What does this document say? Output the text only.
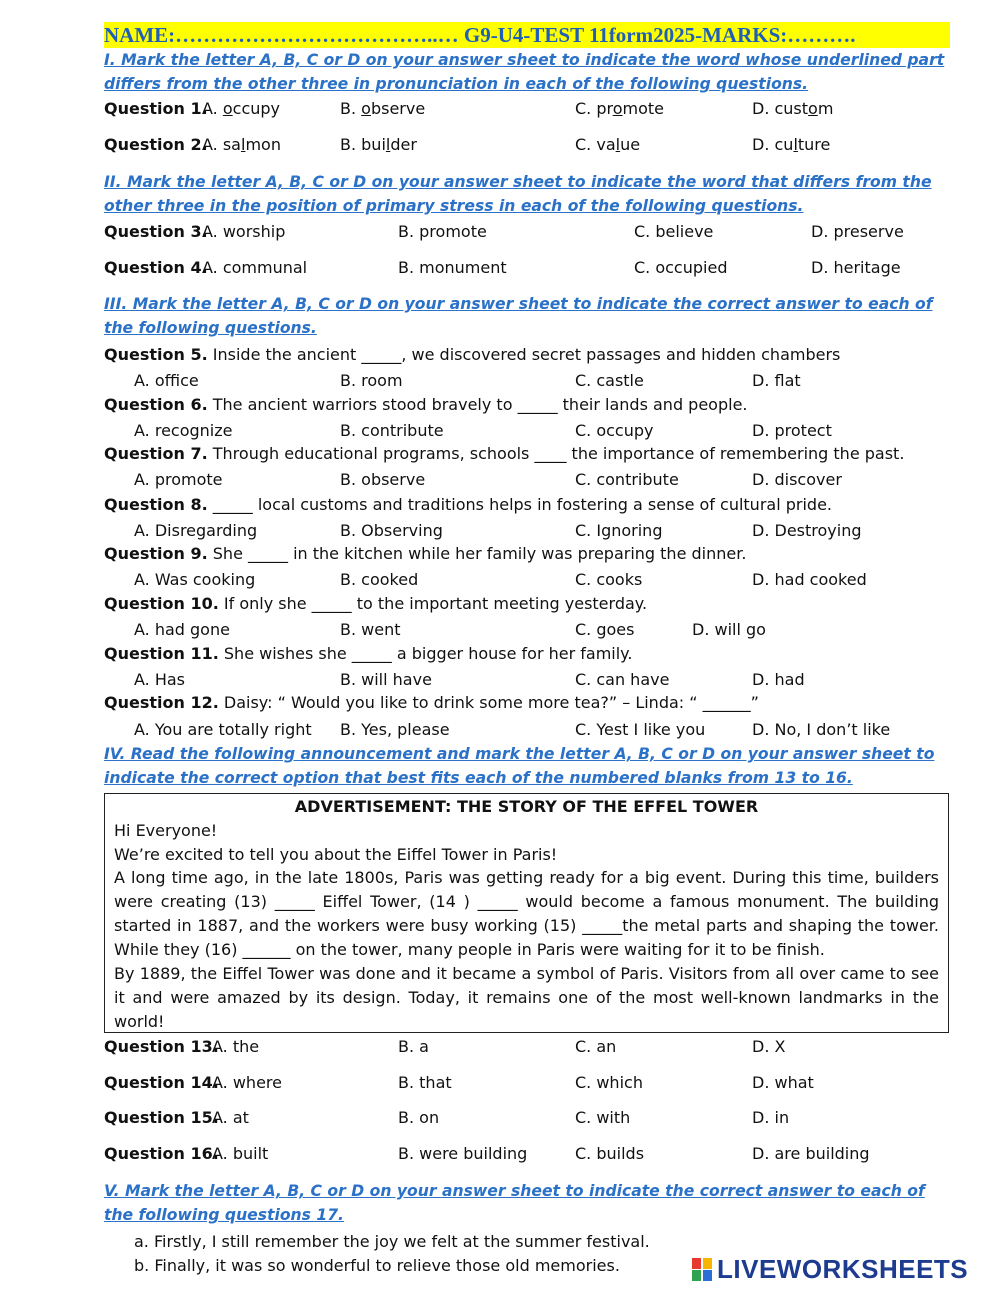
NAME:………………………………..… G9-U4-TEST 11form2025-MARKS:……….
I. Mark the letter A, B, C or D on your answer sheet to indicate the word whose underlined part differs from the other three in pronunciation in each of the following questions.
Question 1.
A. occupy	B. observe	C. promote	D. custom
Question 2.
A. salmon	B. builder	C. value	D. culture
II. Mark the letter A, B, C or D on your answer sheet to indicate the word that differs from the other three in the position of primary stress in each of the following questions.
Question 3.
A. worship	B. promote	C. believe	D. preserve
Question 4.
A. communal	B. monument	C. occupied	D. heritage
III. Mark the letter A, B, C or D on your answer sheet to indicate the correct answer to each of the following questions.
Question 5. Inside the ancient _____, we discovered secret passages and hidden chambers
A. office	B. room	C. castle	D. flat
Question 6. The ancient warriors stood bravely to _____ their lands and people.
A. recognize	B. contribute	C. occupy	D. protect
Question 7. Through educational programs, schools ____ the importance of remembering the past.
A. promote	B. observe	C. contribute	D. discover
Question 8. _____ local customs and traditions helps in fostering a sense of cultural pride.
A. Disregarding	B. Observing	C. Ignoring	D. Destroying
Question 9. She _____ in the kitchen while her family was preparing the dinner.
A. Was cooking	B. cooked	C. cooks	D. had cooked
Question 10. If only she _____ to the important meeting yesterday.
A. had gone	B. went	C. goes	D. will go
Question 11. She wishes she _____ a bigger house for her family.
A. Has	B. will have	C. can have	D. had
Question 12. Daisy: “ Would you like to drink some more tea?” – Linda: “ ______”
A. You are totally right B. Yes, please	C. Yest I like you	D. No, I don’t like
IV. Read the following announcement and mark the letter A, B, C or D on your answer sheet to indicate the correct option that best fits each of the numbered blanks from 13 to 16.
ADVERTISEMENT: THE STORY OF THE EFFEL TOWER
Hi Everyone!
We’re excited to tell you about the Eiffel Tower in Paris!
A long time ago, in the late 1800s, Paris was getting ready for a big event. During this time, builders were creating (13) _____ Eiffel Tower, (14 ) _____ would become a famous monument. The building started in 1887, and the workers were busy working (15) _____the metal parts and shaping the tower. While they (16) ______ on the tower, many people in Paris were waiting for it to be finish.
By 1889, the Eiffel Tower was done and it became a symbol of Paris. Visitors from all over came to see it and were amazed by its design. Today, it remains one of the most well-known landmarks in the world!
Question 13.
A. the	B. a	C. an	D. X
Question 14.
A. where	B. that	C. which	D. what
Question 15.
A. at	B. on	C. with	D. in
Question 16.
A. built	B. were building	C. builds	D. are building
V. Mark the letter A, B, C or D on your answer sheet to indicate the correct answer to each of the following questions 17.
a. Firstly, I still remember the joy we felt at the summer festival.
b. Finally, it was so wonderful to relieve those old memories.	LIVEWORKSHEETS
